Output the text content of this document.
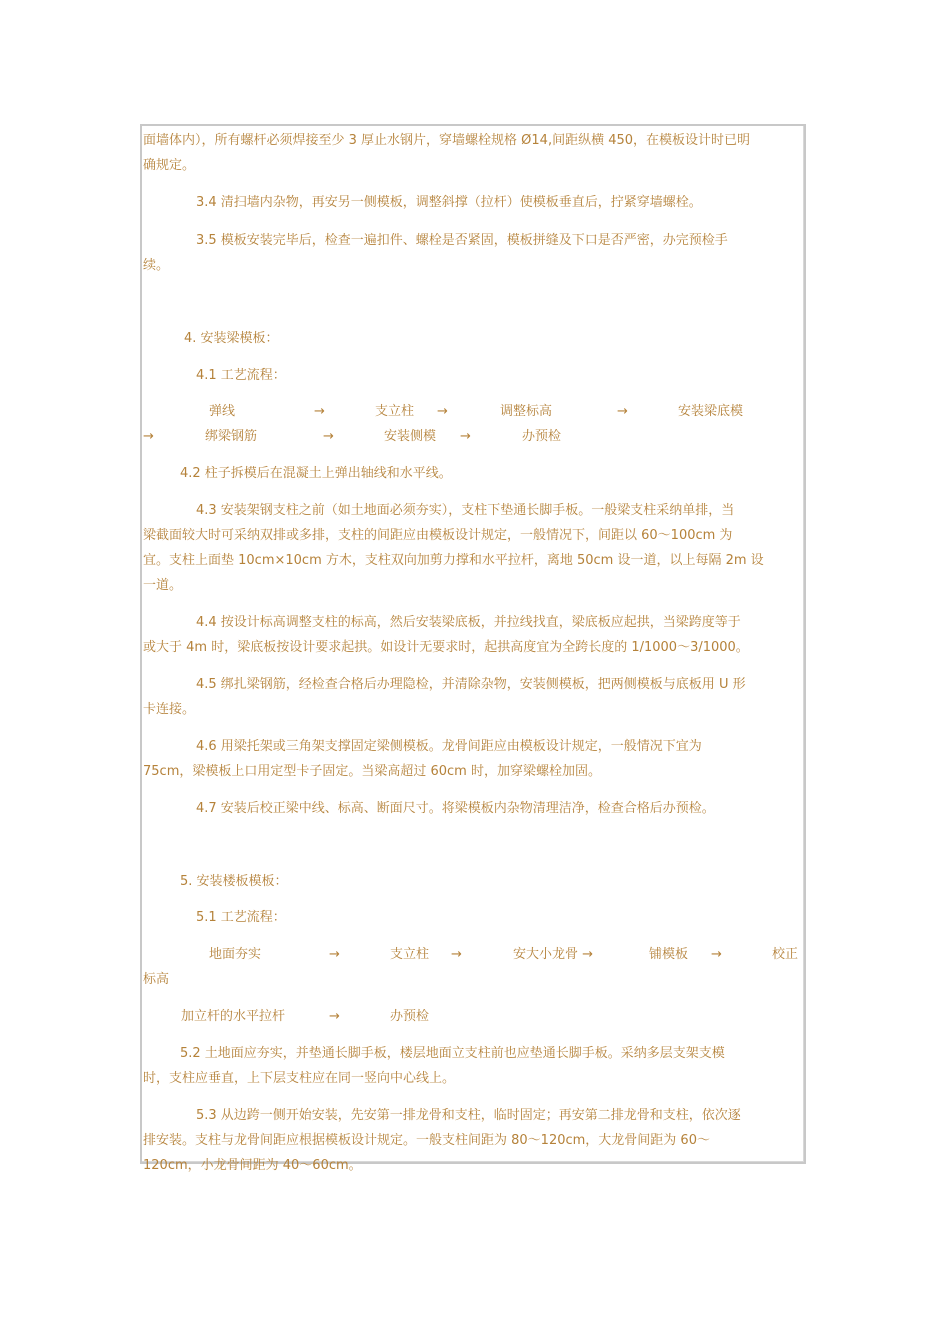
面墙体内），所有螺杆必须焊接至少 3 厚止水钢片，穿墙螺栓规格 Ø14,间距纵横 450，在模板设计时已明
确规定。
3.4 清扫墙内杂物，再安另一侧模板，调整斜撑（拉杆）使模板垂直后，拧紧穿墙螺栓。
3.5 模板安装完毕后，检查一遍扣件、螺栓是否紧固，模板拼缝及下口是否严密，办完预检手
续。
4. 安装梁模板：
4.1 工艺流程：
弹线	→	支立柱 →	调整标高	→	安装梁底模
→	绑梁钢筋	→	安装侧模 →	办预检
4.2 柱子拆模后在混凝土上弹出轴线和水平线。
4.3 安装架钢支柱之前（如土地面必须夯实），支柱下垫通长脚手板。一般梁支柱采纳单排，当
梁截面较大时可采纳双排或多排，支柱的间距应由模板设计规定，一般情况下，间距以 60～100cm 为
宜。支柱上面垫 10cm×10cm 方木，支柱双向加剪力撑和水平拉杆，离地 50cm 设一道，以上每隔 2m 设
一道。
4.4 按设计标高调整支柱的标高，然后安装梁底板，并拉线找直，梁底板应起拱，当梁跨度等于
或大于 4m 时，梁底板按设计要求起拱。如设计无要求时，起拱高度宜为全跨长度的 1/1000～3/1000。
4.5 绑扎梁钢筋，经检查合格后办理隐检，并清除杂物，安装侧模板，把两侧模板与底板用 U 形
卡连接。
4.6 用梁托架或三角架支撑固定梁侧模板。龙骨间距应由模板设计规定，一般情况下宜为
75cm，梁模板上口用定型卡子固定。当梁高超过 60cm 时，加穿梁螺栓加固。
4.7 安装后校正梁中线、标高、断面尺寸。将梁模板内杂物清理洁净，检查合格后办预检。
5. 安装楼板模板：
5.1 工艺流程：
地面夯实	→	支立柱 →	安大小龙骨 →	铺模板 →	校正
标高
加立杆的水平拉杆	→	办预检
5.2 土地面应夯实，并垫通长脚手板，楼层地面立支柱前也应垫通长脚手板。采纳多层支架支模
时，支柱应垂直，上下层支柱应在同一竖向中心线上。
5.3 从边跨一侧开始安装，先安第一排龙骨和支柱，临时固定；再安第二排龙骨和支柱，依次逐
排安装。支柱与龙骨间距应根据模板设计规定。一般支柱间距为 80～120cm，大龙骨间距为 60～
120cm，小龙骨间距为 40～60cm。
